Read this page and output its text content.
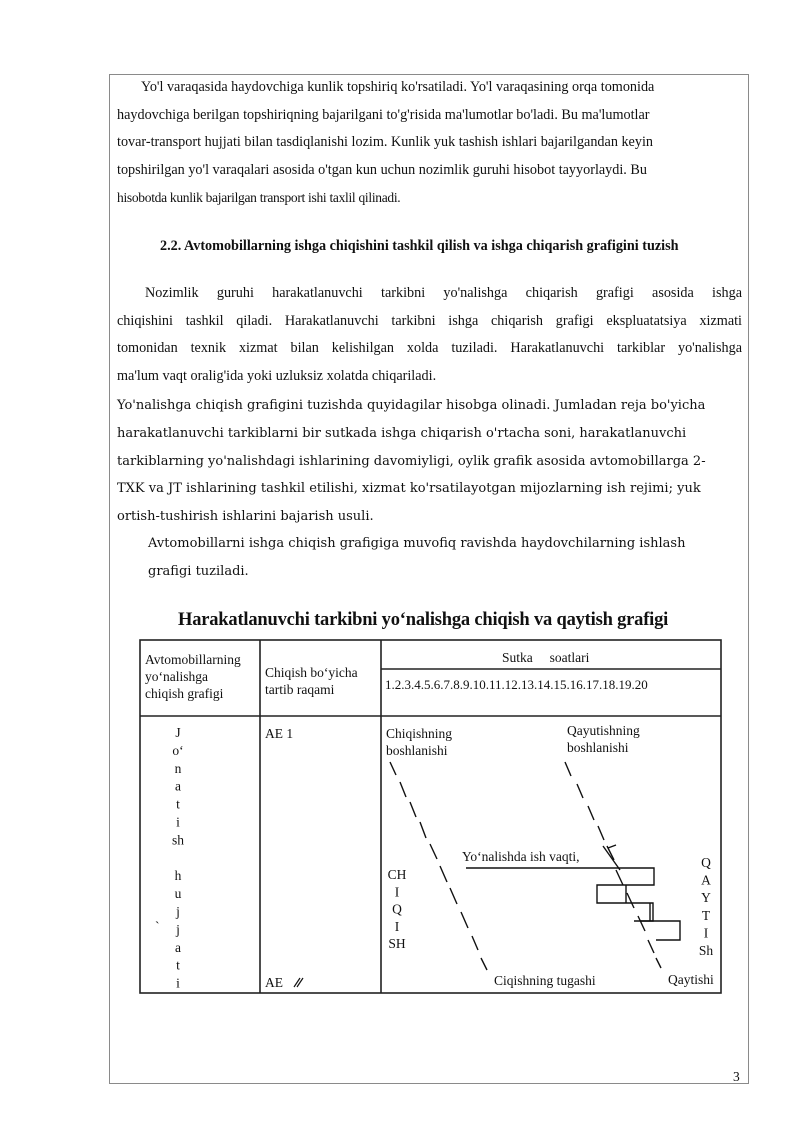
Yo'l varaqasida haydovchiga kunlik topshiriq ko'rsatiladi. Yo'l varaqasining orqa tomonida
haydovchiga berilgan topshiriqning bajarilgani to'g'risida ma'lumotlar bo'ladi. Bu ma'lumotlar
tovar-transport hujjati bilan tasdiqlanishi lozim. Kunlik yuk tashish ishlari bajarilgandan keyin
topshirilgan yo'l varaqalari asosida o'tgan kun uchun nozimlik guruhi hisobot tayyorlaydi. Bu
hisobotda kunlik bajarilgan transport ishi taxlil qilinadi.
2.2. Avtomobillarning ishga chiqishini tashkil qilish va ishga chiqarish grafigini tuzish
Nozimlik guruhi harakatlanuvchi tarkibni yo'nalishga chiqarish grafigi asosida ishga
chiqishini tashkil qiladi. Harakatlanuvchi tarkibni ishga chiqarish grafigi ekspluatatsiya xizmati
tomonidan texnik xizmat bilan kelishilgan xolda tuziladi. Harakatlanuvchi tarkiblar yo'nalishga
ma'lum vaqt oralig'ida yoki uzluksiz xolatda chiqariladi.
Yo'nalishga chiqish grafigini tuzishda quyidagilar hisobga olinadi. Jumladan reja bo'yicha
harakatlanuvchi tarkiblarni bir sutkada ishga chiqarish o'rtacha soni, harakatlanuvchi
tarkiblarning yo'nalishdagi ishlarining davomiyligi, oylik grafik asosida avtomobillarga 2-
TXK va JT ishlarining tashkil etilishi, xizmat ko'rsatilayotgan mijozlarning ish rejimi; yuk
ortish-tushirish ishlarini bajarish usuli.
Avtomobillarni ishga chiqish grafigiga muvofiq ravishda haydovchilarning ishlash
grafigi tuziladi.
Harakatlanuvchi tarkibni yo‘nalishga chiqish va qaytish grafigi
Avtomobillarning
yo‘nalishga
chiqish grafigi
Chiqish bo‘yicha
tartib raqami
Sutka     soatlari
1.2.3.4.5.6.7.8.9.10.11.12.13.14.15.16.17.18.19.20
J
o‘
n
a
t
i
sh
h
u
j
j
a
t
i
`
AE 1
AE
Chiqishning
boshlanishi
Qayutishning
boshlanishi
Yo‘nalishda ish vaqti,
Ciqishning tugashi	Qaytishi
CH
I
Q
I
SH
Q
A
Y
T
I
Sh
3
